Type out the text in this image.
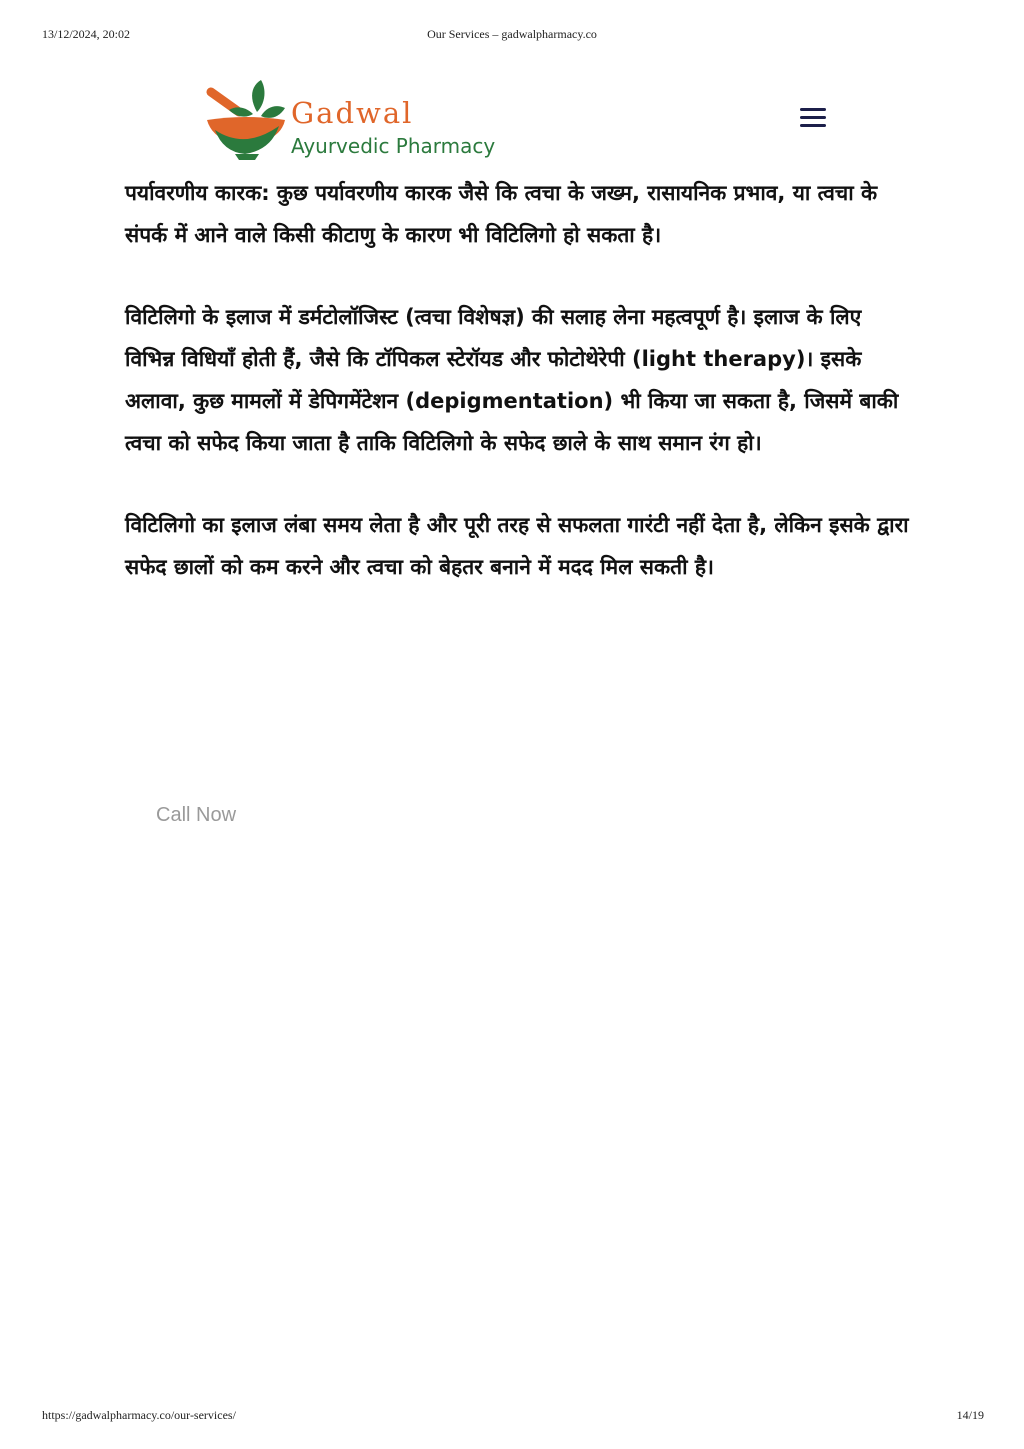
13/12/2024, 20:02	Our Services – gadwalpharmacy.co
Gadwal
Ayurvedic Pharmacy

पर्यावरणीय कारक: कुछ पर्यावरणीय कारक जैसे कि त्वचा के जख्म, रासायनिक प्रभाव, या त्वचा के संपर्क में आने वाले किसी कीटाणु के कारण भी विटिलिगो हो सकता है।

विटिलिगो के इलाज में डर्मटोलॉजिस्ट (त्वचा विशेषज्ञ) की सलाह लेना महत्वपूर्ण है। इलाज के लिए विभिन्न विधियाँ होती हैं, जैसे कि टॉपिकल स्टेरॉयड और फोटोथेरेपी (light therapy)। इसके अलावा, कुछ मामलों में डेपिगमेंटेशन (depigmentation) भी किया जा सकता है, जिसमें बाकी त्वचा को सफेद किया जाता है ताकि विटिलिगो के सफेद छाले के साथ समान रंग हो।

विटिलिगो का इलाज लंबा समय लेता है और पूरी तरह से सफलता गारंटी नहीं देता है, लेकिन इसके द्वारा सफेद छालों को कम करने और त्वचा को बेहतर बनाने में मदद मिल सकती है।

Call Now
https://gadwalpharmacy.co/our-services/	14/19
